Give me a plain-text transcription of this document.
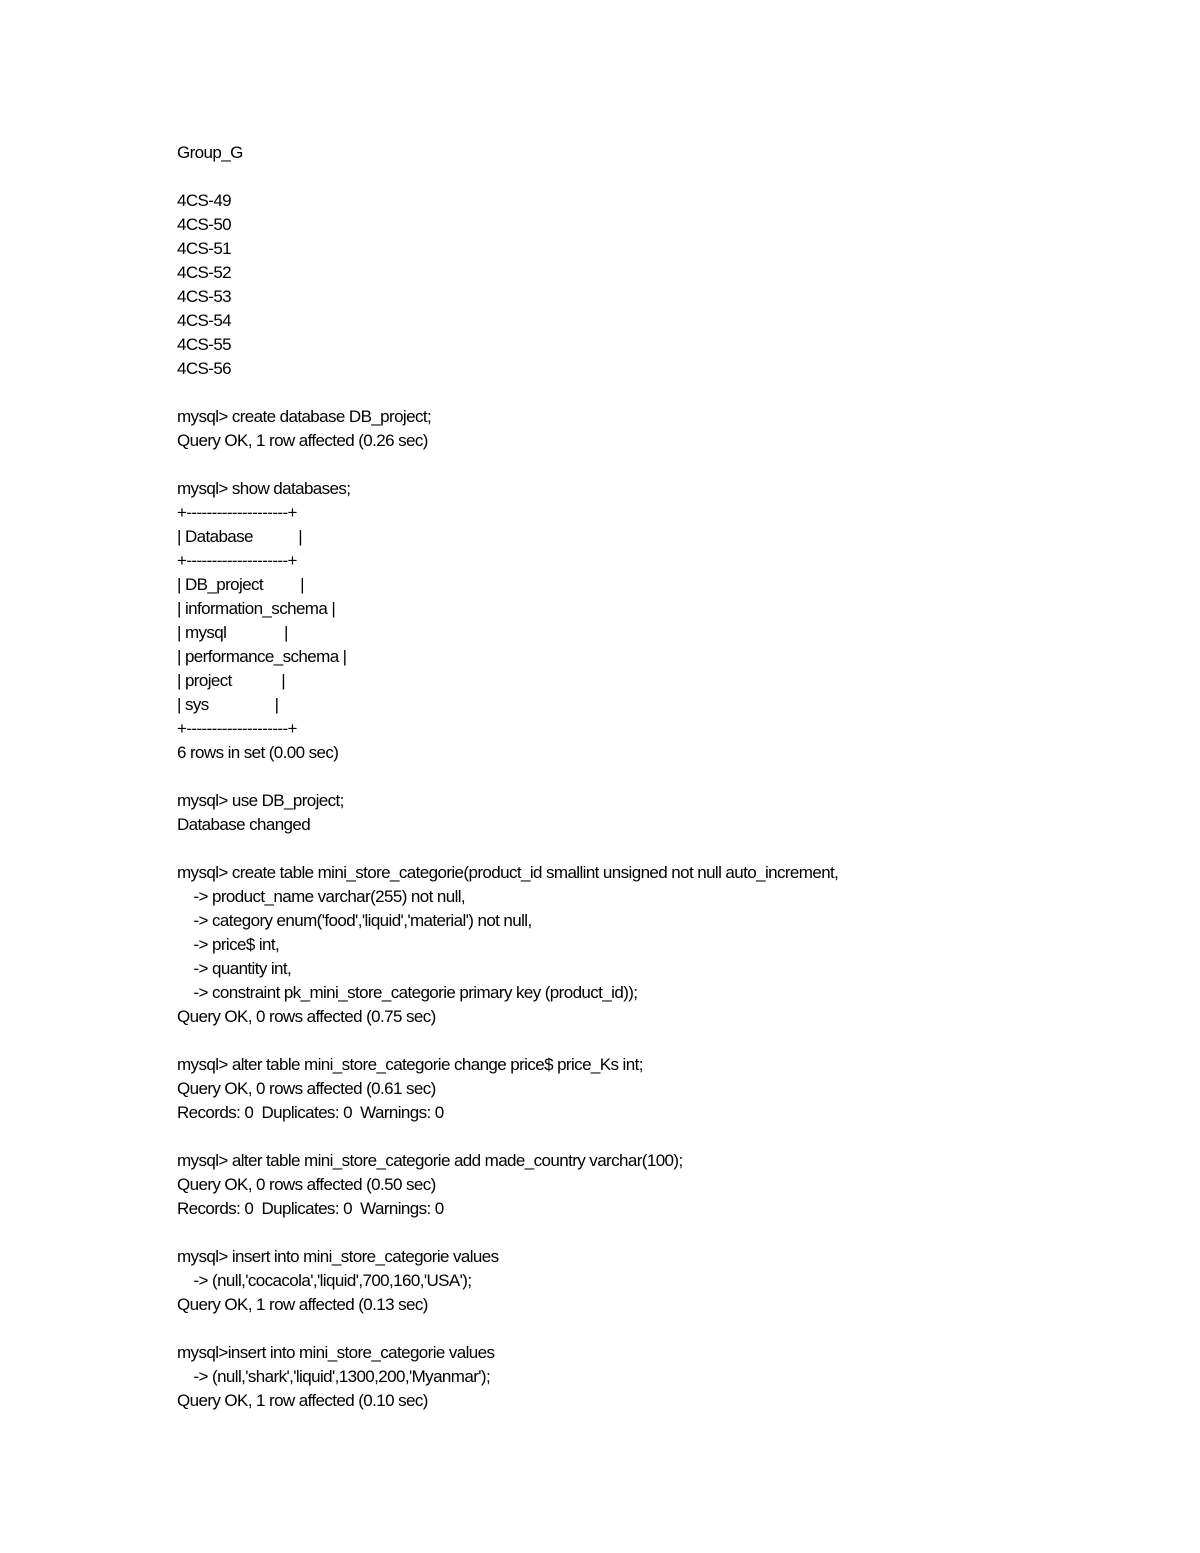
Group_G
4CS-49
4CS-50
4CS-51
4CS-52
4CS-53
4CS-54
4CS-55
4CS-56
mysql> create database DB_project;
Query OK, 1 row affected (0.26 sec)
mysql> show databases;
+--------------------+
| Database           |
+--------------------+
| DB_project         |
| information_schema |
| mysql              |
| performance_schema |
| project            |
| sys                |
+--------------------+
6 rows in set (0.00 sec)
mysql> use DB_project;
Database changed
mysql> create table mini_store_categorie(product_id smallint unsigned not null auto_increment,
-> product_name varchar(255) not null,
-> category enum('food','liquid','material') not null,
-> price$ int,
-> quantity int,
-> constraint pk_mini_store_categorie primary key (product_id));
Query OK, 0 rows affected (0.75 sec)
mysql> alter table mini_store_categorie change price$ price_Ks int;
Query OK, 0 rows affected (0.61 sec)
Records: 0  Duplicates: 0  Warnings: 0
mysql> alter table mini_store_categorie add made_country varchar(100);
Query OK, 0 rows affected (0.50 sec)
Records: 0  Duplicates: 0  Warnings: 0
mysql> insert into mini_store_categorie values
-> (null,'cocacola','liquid',700,160,'USA');
Query OK, 1 row affected (0.13 sec)
mysql>insert into mini_store_categorie values
-> (null,'shark','liquid',1300,200,'Myanmar');
Query OK, 1 row affected (0.10 sec)
